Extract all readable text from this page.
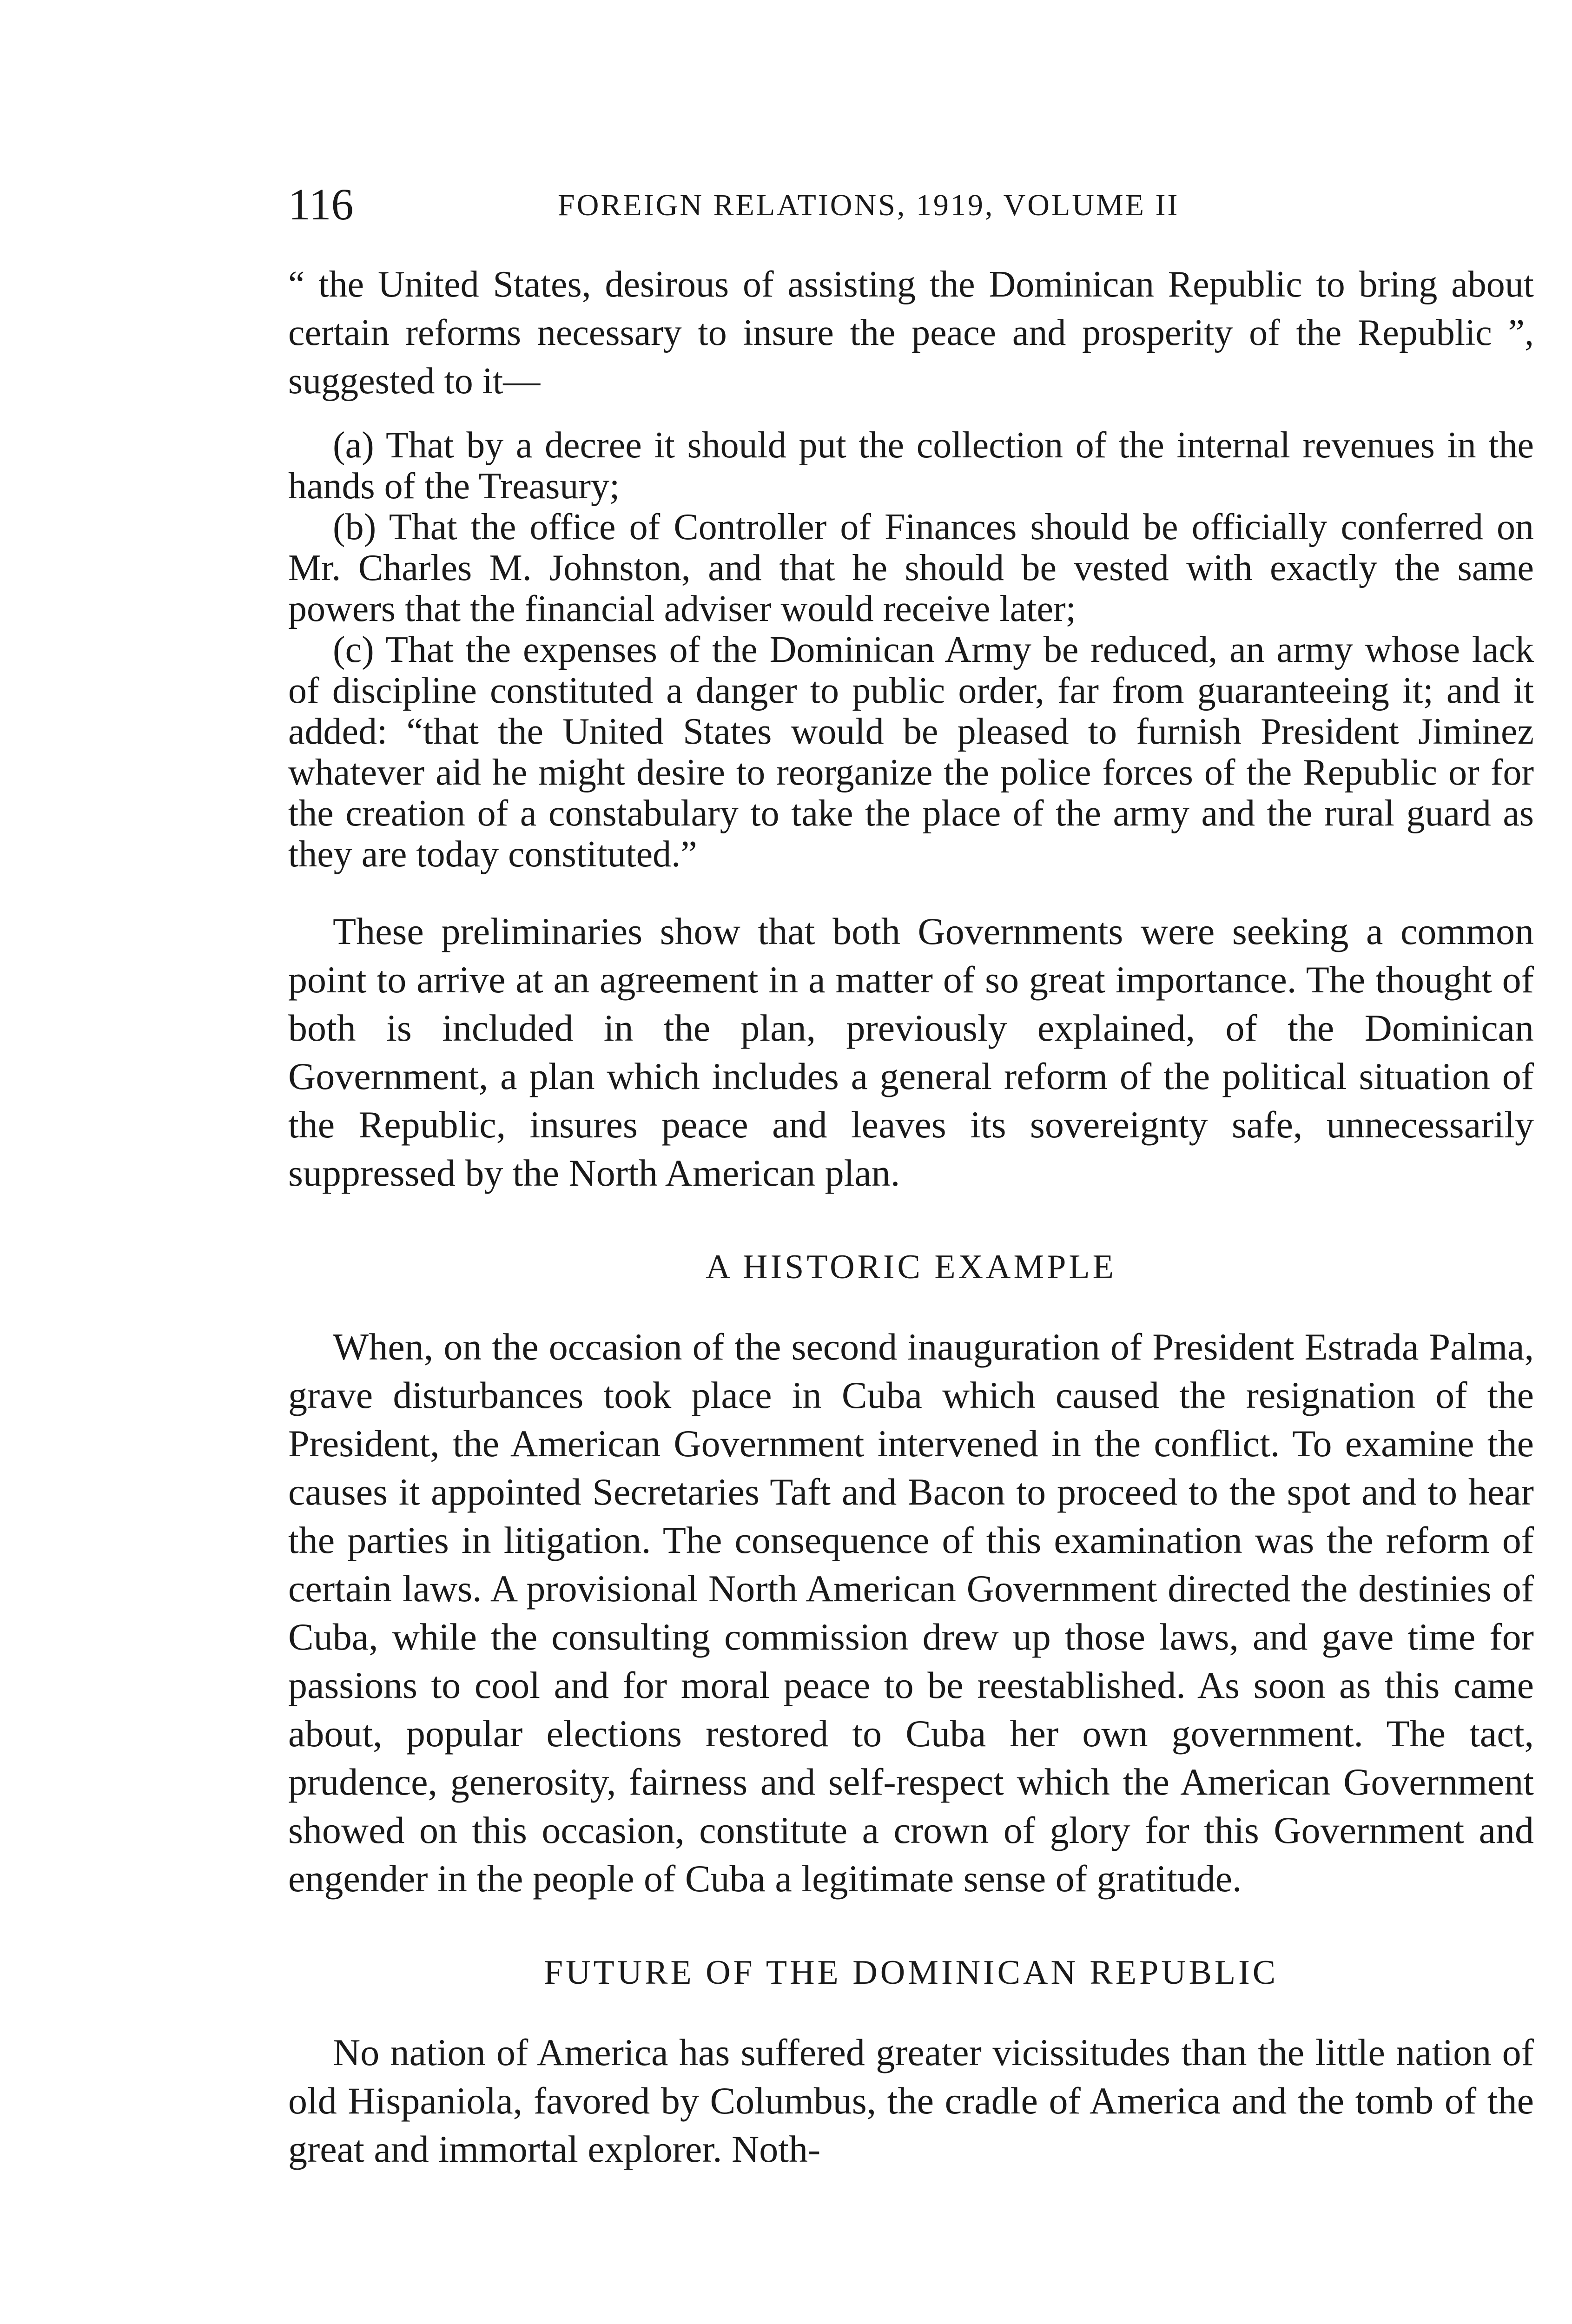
116	FOREIGN RELATIONS, 1919, VOLUME II

“ the United States, desirous of assisting the Dominican Republic to bring about certain reforms necessary to insure the peace and prosperity of the Republic ”, suggested to it—

(a) That by a decree it should put the collection of the internal revenues in the hands of the Treasury;

(b) That the office of Controller of Finances should be officially conferred on Mr. Charles M. Johnston, and that he should be vested with exactly the same powers that the financial adviser would receive later;

(c) That the expenses of the Dominican Army be reduced, an army whose lack of discipline constituted a danger to public order, far from guaranteeing it; and it added: “that the United States would be pleased to furnish President Jiminez whatever aid he might desire to reorganize the police forces of the Republic or for the creation of a constabulary to take the place of the army and the rural guard as they are today constituted.”

These preliminaries show that both Governments were seeking a common point to arrive at an agreement in a matter of so great importance. The thought of both is included in the plan, previously explained, of the Dominican Government, a plan which includes a general reform of the political situation of the Republic, insures peace and leaves its sovereignty safe, unnecessarily suppressed by the North American plan.

A HISTORIC EXAMPLE

When, on the occasion of the second inauguration of President Estrada Palma, grave disturbances took place in Cuba which caused the resignation of the President, the American Government intervened in the conflict. To examine the causes it appointed Secretaries Taft and Bacon to proceed to the spot and to hear the parties in litigation. The consequence of this examination was the reform of certain laws. A provisional North American Government directed the destinies of Cuba, while the consulting commission drew up those laws, and gave time for passions to cool and for moral peace to be reestablished. As soon as this came about, popular elections restored to Cuba her own government. The tact, prudence, generosity, fairness and self-respect which the American Government showed on this occasion, constitute a crown of glory for this Government and engender in the people of Cuba a legitimate sense of gratitude.

FUTURE OF THE DOMINICAN REPUBLIC

No nation of America has suffered greater vicissitudes than the little nation of old Hispaniola, favored by Columbus, the cradle of America and the tomb of the great and immortal explorer. Noth-
